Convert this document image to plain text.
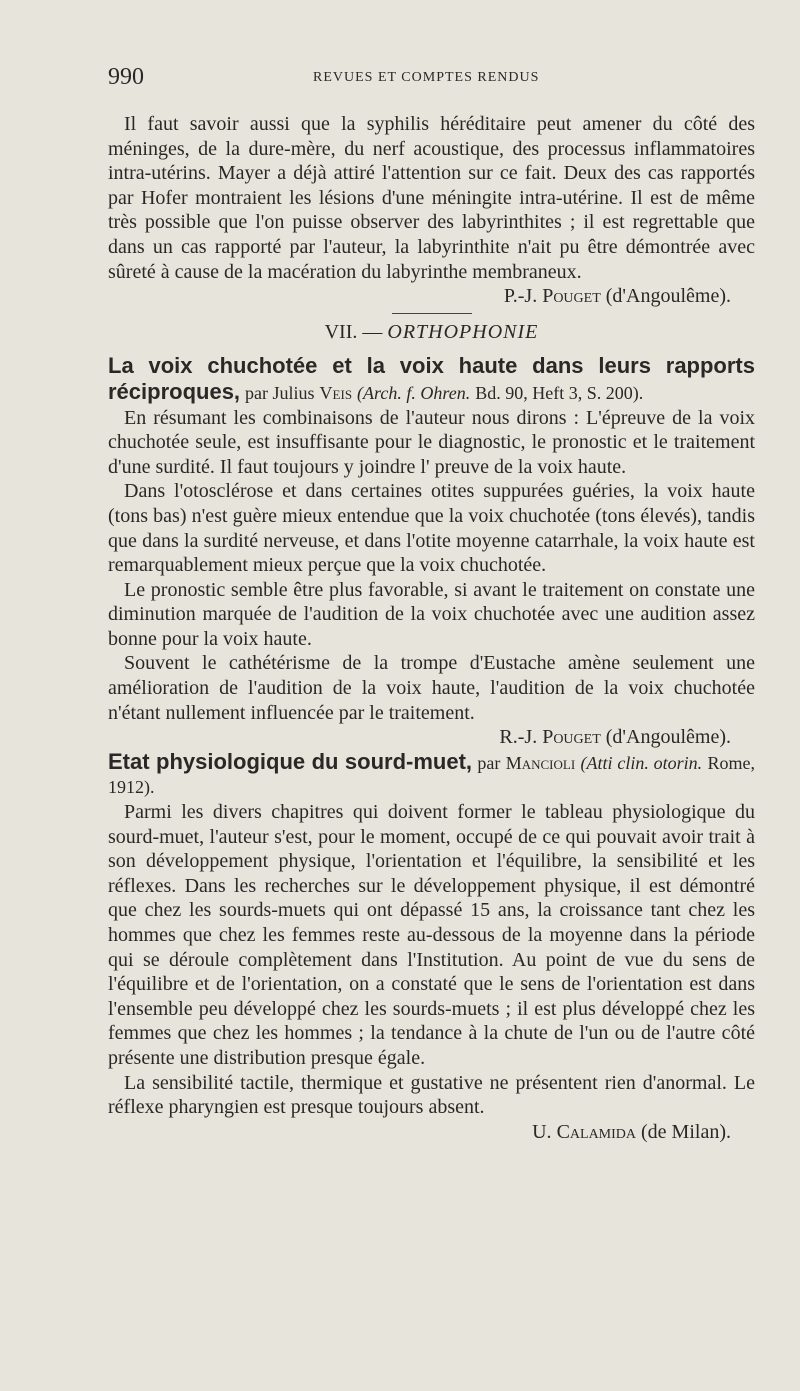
990	REVUES ET COMPTES RENDUS

Il faut savoir aussi que la syphilis héréditaire peut amener du côté des méninges, de la dure-mère, du nerf acoustique, des processus inflammatoires intra-utérins. Mayer a déjà attiré l'attention sur ce fait. Deux des cas rapportés par Hofer montraient les lésions d'une méningite intra-utérine. Il est de même très possible que l'on puisse observer des labyrinthites ; il est regrettable que dans un cas rapporté par l'auteur, la labyrinthite n'ait pu être démontrée avec sûreté à cause de la macération du labyrinthe membraneux.

P.-J. Pouget (d'Angoulême).

VII. — ORTHOPHONIE

La voix chuchotée et la voix haute dans leurs rapports réciproques, par Julius Veis (Arch. f. Ohren. Bd. 90, Heft 3, S. 200).

En résumant les combinaisons de l'auteur nous dirons : L'épreuve de la voix chuchotée seule, est insuffisante pour le diagnostic, le pronostic et le traitement d'une surdité. Il faut toujours y joindre l' preuve de la voix haute.

Dans l'otosclérose et dans certaines otites suppurées guéries, la voix haute (tons bas) n'est guère mieux entendue que la voix chuchotée (tons élevés), tandis que dans la surdité nerveuse, et dans l'otite moyenne catarrhale, la voix haute est remarquablement mieux perçue que la voix chuchotée.

Le pronostic semble être plus favorable, si avant le traitement on constate une diminution marquée de l'audition de la voix chuchotée avec une audition assez bonne pour la voix haute.

Souvent le cathétérisme de la trompe d'Eustache amène seulement une amélioration de l'audition de la voix haute, l'audition de la voix chuchotée n'étant nullement influencée par le traitement.

R.-J. Pouget (d'Angoulême).

Etat physiologique du sourd-muet, par Mancioli (Atti clin. otorin. Rome, 1912).

Parmi les divers chapitres qui doivent former le tableau physiologique du sourd-muet, l'auteur s'est, pour le moment, occupé de ce qui pouvait avoir trait à son développement physique, l'orientation et l'équilibre, la sensibilité et les réflexes. Dans les recherches sur le développement physique, il est démontré que chez les sourds-muets qui ont dépassé 15 ans, la croissance tant chez les hommes que chez les femmes reste au-dessous de la moyenne dans la période qui se déroule complètement dans l'Institution. Au point de vue du sens de l'équilibre et de l'orientation, on a constaté que le sens de l'orientation est dans l'ensemble peu développé chez les sourds-muets ; il est plus développé chez les femmes que chez les hommes ; la tendance à la chute de l'un ou de l'autre côté présente une distribution presque égale.

La sensibilité tactile, thermique et gustative ne présentent rien d'anormal. Le réflexe pharyngien est presque toujours absent.

U. Calamida (de Milan).
